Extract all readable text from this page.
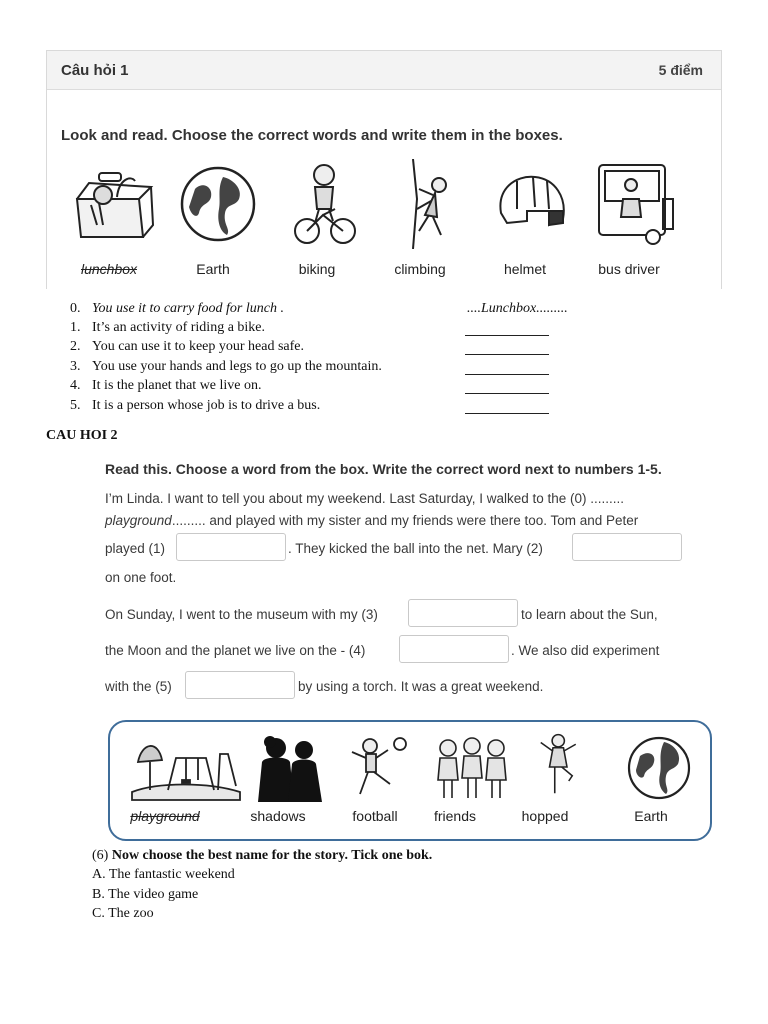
Câu hỏi 1	5 điểm
Look and read. Choose the correct words and write them in the boxes.
lunchbox	Earth	biking	climbing	helmet	bus driver
0. You use it to carry food for lunch .	....Lunchbox.........
1. It’s an activity of riding a bike.
2. You can use it to keep your head safe.
3. You use your hands and legs to go up the mountain.
4. It is the planet that we live on.
5. It is a person whose job is to drive a bus.
CAU HOI 2
Read this. Choose a word from the box. Write the correct word next to numbers 1-5.
I’m Linda. I want to tell you about my weekend. Last Saturday, I walked to the (0) .........
playground......... and played with my sister and my friends were there too. Tom and Peter
played (1)	. They kicked the ball into the net. Mary (2)
on one foot.
On Sunday, I went to the museum with my (3)	to learn about the Sun,
the Moon and the planet we live on the - (4)	. We also did experiment
with the (5)	by using a torch. It was a great weekend.
playground	shadows	football	friends	hopped	Earth
(6) Now choose the best name for the story. Tick one bok.
A. The fantastic weekend
B. The video game
C. The zoo
